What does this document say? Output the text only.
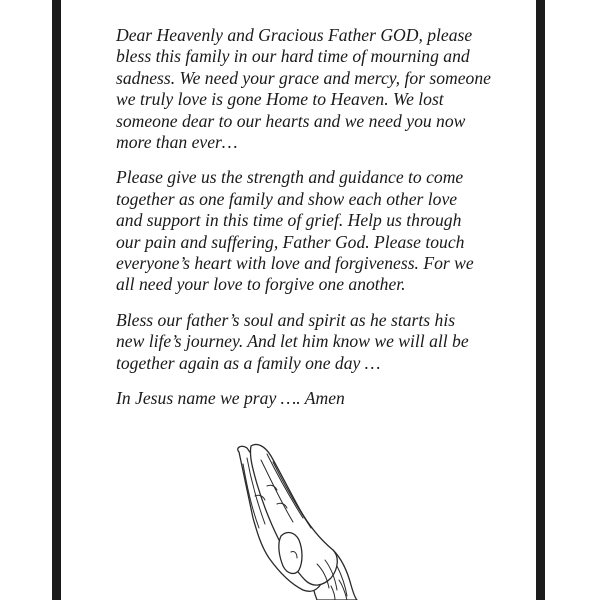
Dear Heavenly and Gracious Father GOD, please
bless this family in our hard time of mourning and
sadness. We need your grace and mercy, for someone
we truly love is gone Home to Heaven. We lost
someone dear to our hearts and we need you now
more than ever…

Please give us the strength and guidance to come
together as one family and show each other love
and support in this time of grief. Help us through
our pain and suffering, Father God. Please touch
everyone’s heart with love and forgiveness. For we
all need your love to forgive one another.

Bless our father’s soul and spirit as he starts his
new life’s journey. And let him know we will all be
together again as a family one day …

In Jesus name we pray …. Amen
